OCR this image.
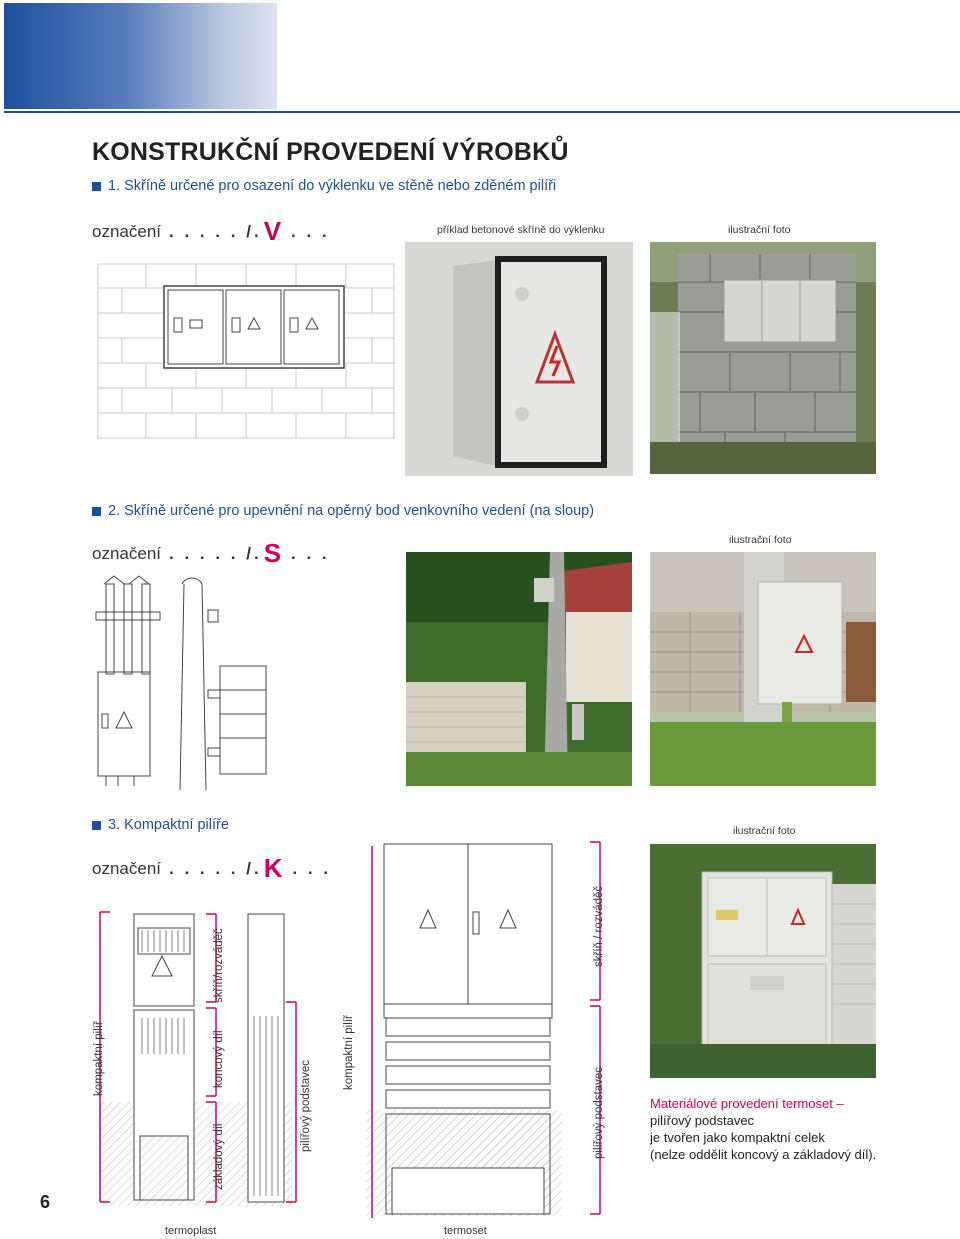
KONSTRUKČNÍ PROVEDENÍ VÝROBKŮ
1. Skříně určené pro osazení do výklenku ve stěně nebo zděném pilíři
označení . . . . . /.V . . .	příklad betonové skříně do výklenku	ilustrační foto
2. Skříně určené pro upevnění na opěrný bod venkovního vedení (na sloup)
označení . . . . . /.S . . .
ilustrační foto
3. Kompaktní pilíře	ilustrační foto
označení . . . . . /.K . . .
kompaktní pilíř
skříň/rozváděč
koncový díl
základový díl
pilířový podstavec
kompaktní pilíř
skříň / rozváděč
pilířový podstavec	Materiálové provedení termoset –
pilířový podstavec
je tvořen jako kompaktní celek
(nelze oddělit koncový a základový díl).
termoplast	termoset
6
